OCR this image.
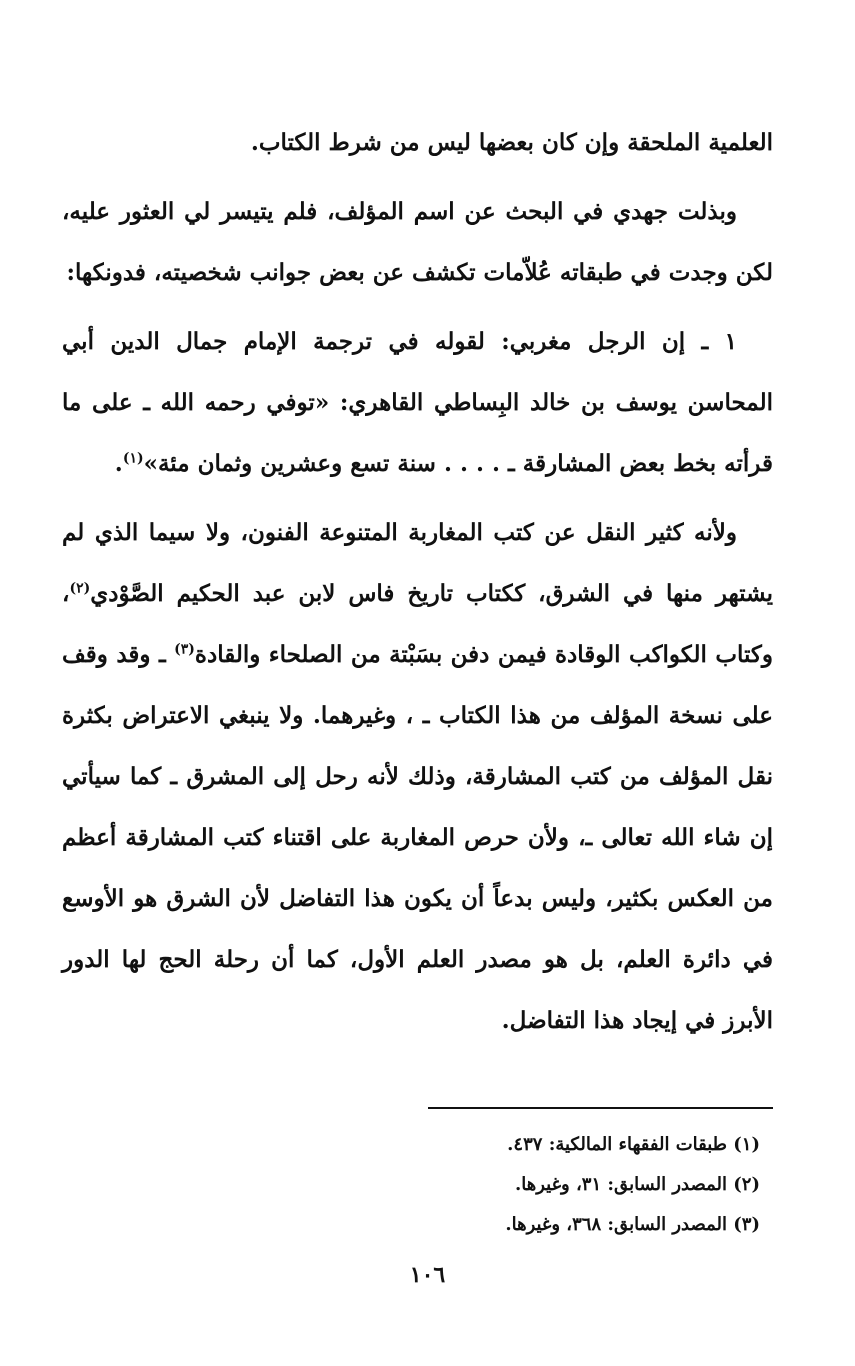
العلمية الملحقة وإن كان بعضها ليس من شرط الكتاب.

وبذلت جهدي في البحث عن اسم المؤلف، فلم يتيسر لي العثور عليه، لكن وجدت في طبقاته عُلاّمات تكشف عن بعض جوانب شخصيته، فدونكها:

١ ـ إن الرجل مغربي: لقوله في ترجمة الإمام جمال الدين أبي المحاسن يوسف بن خالد البِساطي القاهري: «توفي رحمه الله ـ على ما قرأته بخط بعض المشارقة ـ . . . . سنة تسع وعشرين وثمان مئة»$^{(١)}$.

ولأنه كثير النقل عن كتب المغاربة المتنوعة الفنون، ولا سيما الذي لم يشتهر منها في الشرق، ككتاب تاريخ فاس لابن عبد الحكيم الصَّوْدي$^{(٢)}$، وكتاب الكواكب الوقادة فيمن دفن بسَبْتة من الصلحاء والقادة$^{(٣)}$ ـ وقد وقف على نسخة المؤلف من هذا الكتاب ـ ، وغيرهما. ولا ينبغي الاعتراض بكثرة نقل المؤلف من كتب المشارقة، وذلك لأنه رحل إلى المشرق ـ كما سيأتي إن شاء الله تعالى ـ، ولأن حرص المغاربة على اقتناء كتب المشارقة أعظم من العكس بكثير، وليس بدعاً أن يكون هذا التفاضل لأن الشرق هو الأوسع في دائرة العلم، بل هو مصدر العلم الأول، كما أن رحلة الحج لها الدور الأبرز في إيجاد هذا التفاضل.

(١) طبقات الفقهاء المالكية: ٤٣٧.
(٢) المصدر السابق: ٣١، وغيرها.
(٣) المصدر السابق: ٣٦٨، وغيرها.
١٠٦
